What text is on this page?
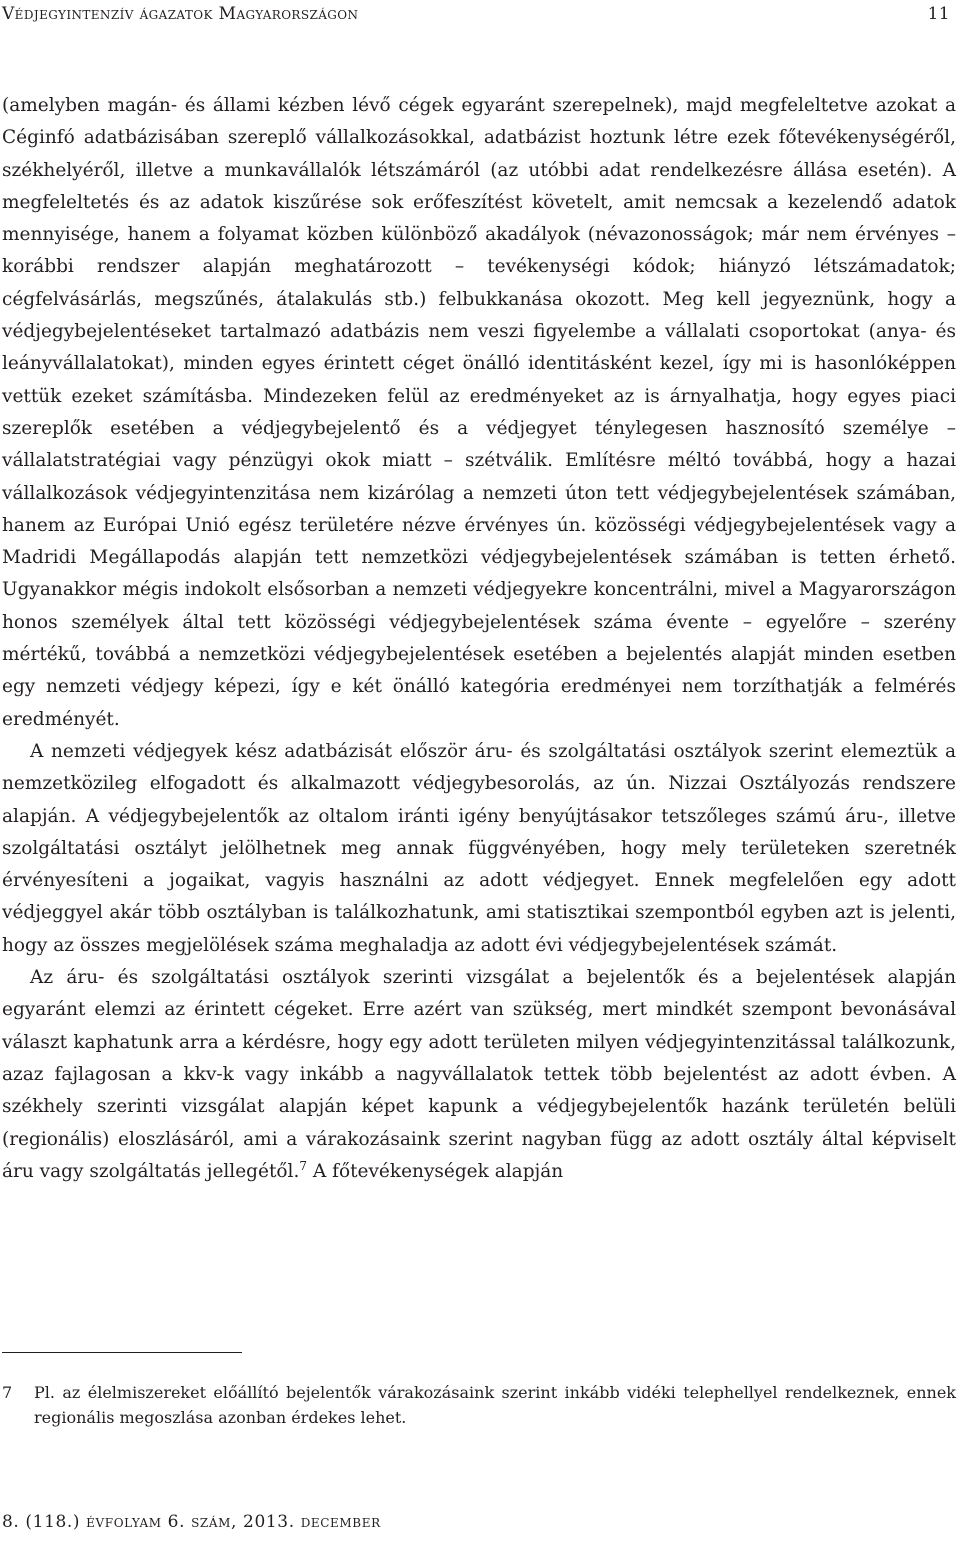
Védjegyintenzív ágazatok Magyarországon	11

(amelyben magán- és állami kézben lévő cégek egyaránt szerepelnek), majd megfeleltetve azokat a Céginfó adatbázisában szereplő vállalkozásokkal, adatbázist hoztunk létre ezek főtevékenységéről, székhelyéről, illetve a munkavállalók létszámáról (az utóbbi adat rendelkezésre állása esetén). A megfeleltetés és az adatok kiszűrése sok erőfeszítést követelt, amit nemcsak a kezelendő adatok mennyisége, hanem a folyamat közben különböző akadályok (névazonosságok; már nem érvényes – korábbi rendszer alapján meghatározott – tevékenységi kódok; hiányzó létszámadatok; cégfelvásárlás, megszűnés, átalakulás stb.) felbukkanása okozott. Meg kell jegyeznünk, hogy a védjegybejelentéseket tartalmazó adatbázis nem veszi figyelembe a vállalati csoportokat (anya- és leányvállalatokat), minden egyes érintett céget önálló identitásként kezel, így mi is hasonlóképpen vettük ezeket számításba. Mindezeken felül az eredményeket az is árnyalhatja, hogy egyes piaci szereplők esetében a védjegybejelentő és a védjegyet ténylegesen hasznosító személye – vállalatstratégiai vagy pénzügyi okok miatt – szétválik. Említésre méltó továbbá, hogy a hazai vállalkozások védjegyintenzitása nem kizárólag a nemzeti úton tett védjegybejelentések számában, hanem az Európai Unió egész területére nézve érvényes ún. közösségi védjegybejelentések vagy a Madridi Megállapodás alapján tett nemzetközi védjegybejelentések számában is tetten érhető. Ugyanakkor mégis indokolt elsősorban a nemzeti védjegyekre koncentrálni, mivel a Magyarországon honos személyek által tett közösségi védjegybejelentések száma évente – egyelőre – szerény mértékű, továbbá a nemzetközi védjegybejelentések esetében a bejelentés alapját minden esetben egy nemzeti védjegy képezi, így e két önálló kategória eredményei nem torzíthatják a felmérés eredményét.

A nemzeti védjegyek kész adatbázisát először áru- és szolgáltatási osztályok szerint elemeztük a nemzetközileg elfogadott és alkalmazott védjegybesorolás, az ún. Nizzai Osztályozás rendszere alapján. A védjegybejelentők az oltalom iránti igény benyújtásakor tetszőleges számú áru-, illetve szolgáltatási osztályt jelölhetnek meg annak függvényében, hogy mely területeken szeretnék érvényesíteni a jogaikat, vagyis használni az adott védjegyet. Ennek megfelelően egy adott védjeggyel akár több osztályban is találkozhatunk, ami statisztikai szempontból egyben azt is jelenti, hogy az összes megjelölések száma meghaladja az adott évi védjegybejelentések számát.

Az áru- és szolgáltatási osztályok szerinti vizsgálat a bejelentők és a bejelentések alapján egyaránt elemzi az érintett cégeket. Erre azért van szükség, mert mindkét szempont bevonásával választ kaphatunk arra a kérdésre, hogy egy adott területen milyen védjegyintenzitással találkozunk, azaz fajlagosan a kkv-k vagy inkább a nagyvállalatok tettek több bejelentést az adott évben. A székhely szerinti vizsgálat alapján képet kapunk a védjegybejelentők hazánk területén belüli (regionális) eloszlásáról, ami a várakozásaink szerint nagyban függ az adott osztály által képviselt áru vagy szolgáltatás jellegétől.$^7$ A főtevékenységek alapján

7 Pl. az élelmiszereket előállító bejelentők várakozásaink szerint inkább vidéki telephellyel rendelkeznek, ennek regionális megoszlása azonban érdekes lehet.
8. (118.) évfolyam 6. szám, 2013. december
